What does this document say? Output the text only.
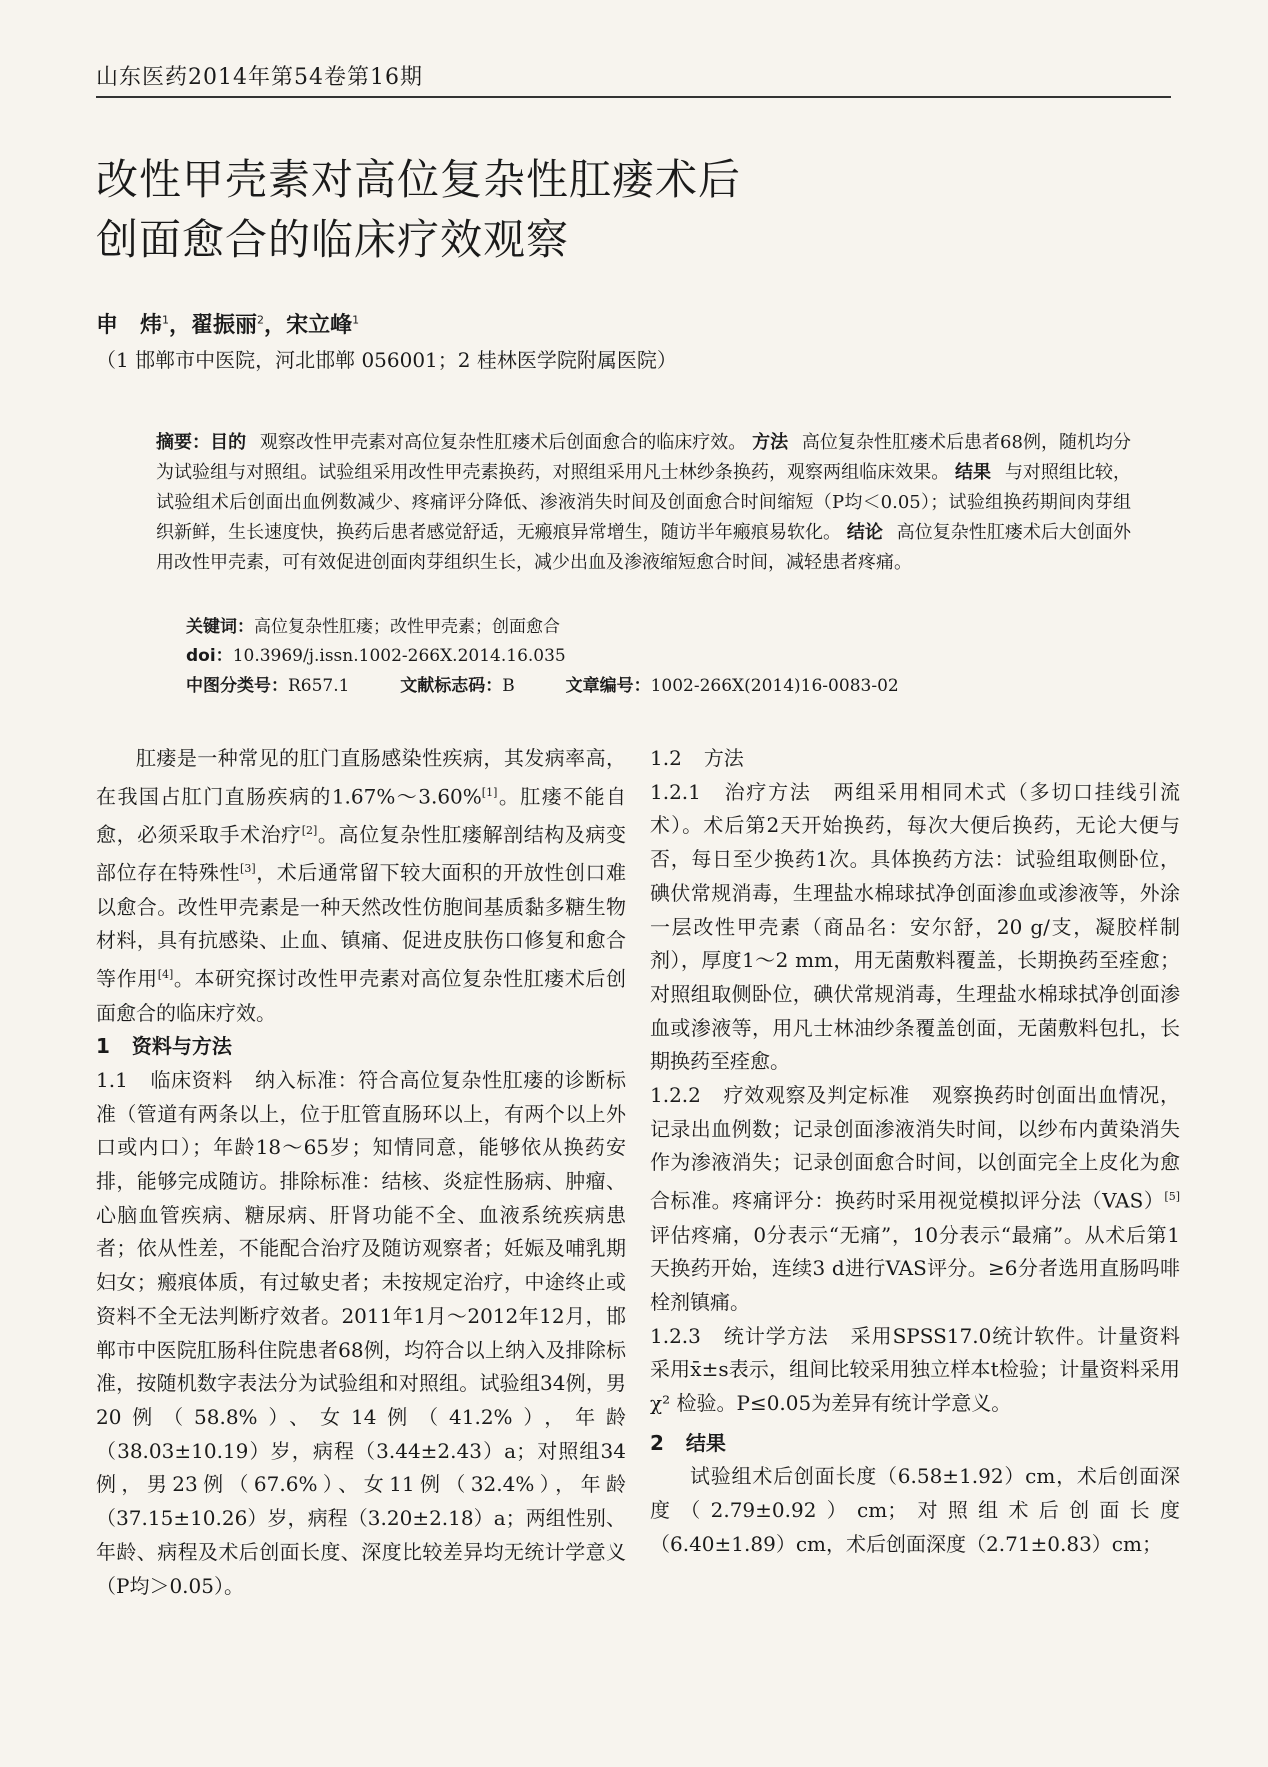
山东医药2014年第54卷第16期
改性甲壳素对高位复杂性肛瘘术后
创面愈合的临床疗效观察
申　炜$^1$，翟振丽$^2$，宋立峰$^1$
（1 邯郸市中医院，河北邯郸 056001；2 桂林医学院附属医院）
摘要：目的 观察改性甲壳素对高位复杂性肛瘘术后创面愈合的临床疗效。 方法 高位复杂性肛瘘术后患者68例，随机均分为试验组与对照组。试验组采用改性甲壳素换药，对照组采用凡士林纱条换药，观察两组临床效果。 结果 与对照组比较，试验组术后创面出血例数减少、疼痛评分降低、渗液消失时间及创面愈合时间缩短（P均＜0.05）；试验组换药期间肉芽组织新鲜，生长速度快，换药后患者感觉舒适，无瘢痕异常增生，随访半年瘢痕易软化。 结论 高位复杂性肛瘘术后大创面外用改性甲壳素，可有效促进创面肉芽组织生长，减少出血及渗液缩短愈合时间，减轻患者疼痛。
关键词：高位复杂性肛瘘；改性甲壳素；创面愈合
doi：10.3969/j.issn.1002-266X.2014.16.035
中图分类号：R657.1	文献标志码：B	文章编号：1002-266X(2014)16-0083-02

肛瘘是一种常见的肛门直肠感染性疾病，其发病率高，在我国占肛门直肠疾病的1.67%～3.60%[1]。肛瘘不能自愈，必须采取手术治疗[2]。高位复杂性肛瘘解剖结构及病变部位存在特殊性[3]，术后通常留下较大面积的开放性创口难以愈合。改性甲壳素是一种天然改性仿胞间基质黏多糖生物材料，具有抗感染、止血、镇痛、促进皮肤伤口修复和愈合等作用[4]。本研究探讨改性甲壳素对高位复杂性肛瘘术后创面愈合的临床疗效。

1 资料与方法

1.1 临床资料 纳入标准：符合高位复杂性肛瘘的诊断标准（管道有两条以上，位于肛管直肠环以上，有两个以上外口或内口）；年龄18～65岁；知情同意，能够依从换药安排，能够完成随访。排除标准：结核、炎症性肠病、肿瘤、心脑血管疾病、糖尿病、肝肾功能不全、血液系统疾病患者；依从性差，不能配合治疗及随访观察者；妊娠及哺乳期妇女；瘢痕体质，有过敏史者；未按规定治疗，中途终止或资料不全无法判断疗效者。2011年1月～2012年12月，邯郸市中医院肛肠科住院患者68例，均符合以上纳入及排除标准，按随机数字表法分为试验组和对照组。试验组34例，男20例（58.8%）、女14例（41.2%），年龄（38.03±10.19）岁，病程（3.44±2.43）a；对照组34例，男23例（67.6%）、女11例（32.4%），年龄（37.15±10.26）岁，病程（3.20±2.18）a；两组性别、年龄、病程及术后创面长度、深度比较差异均无统计学意义（P均＞0.05）。

1.2 方法

1.2.1 治疗方法 两组采用相同术式（多切口挂线引流术）。术后第2天开始换药，每次大便后换药，无论大便与否，每日至少换药1次。具体换药方法：试验组取侧卧位，碘伏常规消毒，生理盐水棉球拭净创面渗血或渗液等，外涂一层改性甲壳素（商品名：安尔舒，20 g/支，凝胶样制剂），厚度1～2 mm，用无菌敷料覆盖，长期换药至痊愈；对照组取侧卧位，碘伏常规消毒，生理盐水棉球拭净创面渗血或渗液等，用凡士林油纱条覆盖创面，无菌敷料包扎，长期换药至痊愈。

1.2.2 疗效观察及判定标准 观察换药时创面出血情况，记录出血例数；记录创面渗液消失时间，以纱布内黄染消失作为渗液消失；记录创面愈合时间，以创面完全上皮化为愈合标准。疼痛评分：换药时采用视觉模拟评分法（VAS）[5]评估疼痛，0分表示“无痛”，10分表示“最痛”。从术后第1天换药开始，连续3 d进行VAS评分。≥6分者选用直肠吗啡栓剂镇痛。

1.2.3 统计学方法 采用SPSS17.0统计软件。计量资料采用x̄±s表示，组间比较采用独立样本t检验；计量资料采用χ² 检验。P≤0.05为差异有统计学意义。

2 结果

试验组术后创面长度（6.58±1.92）cm，术后创面深度（2.79±0.92）cm；对照组术后创面长度（6.40±1.89）cm，术后创面深度（2.71±0.83）cm；
